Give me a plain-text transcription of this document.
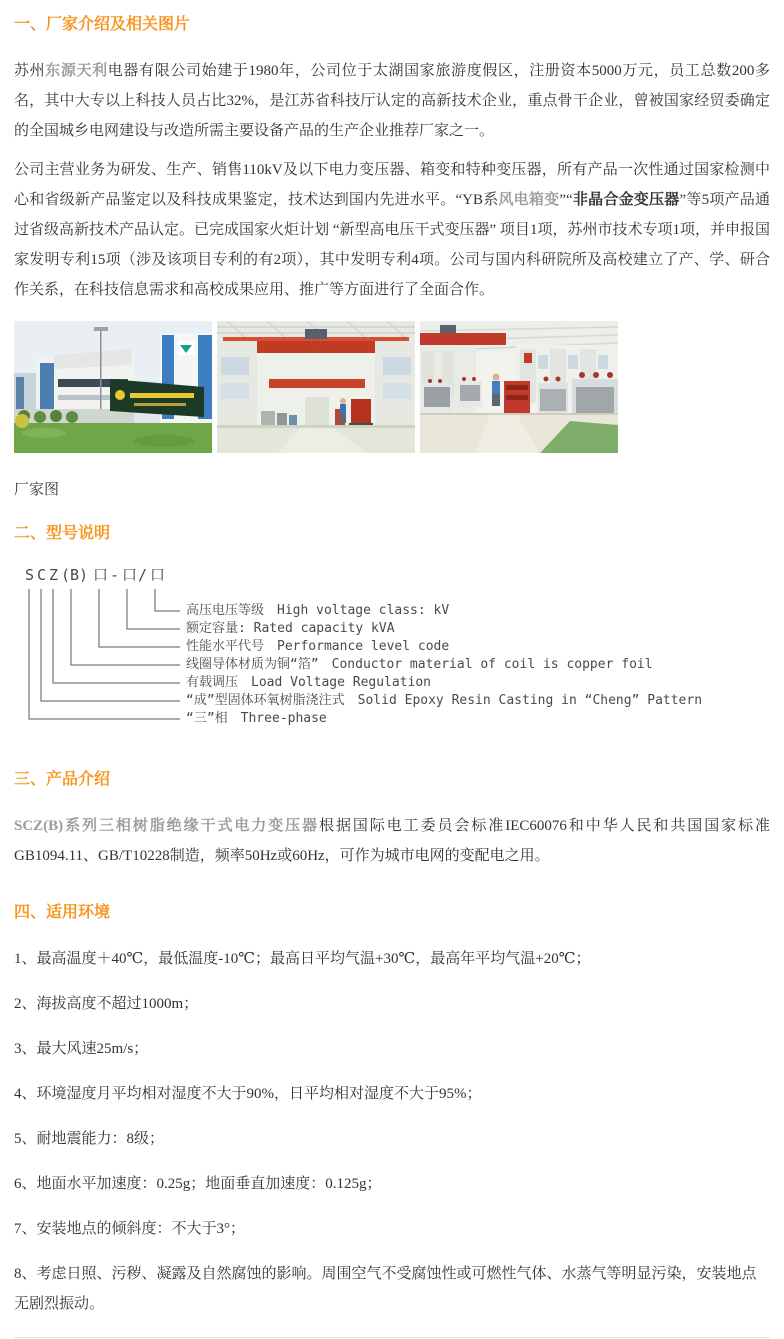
一、厂家介绍及相关图片

苏州东源天利电器有限公司始建于1980年，公司位于太湖国家旅游度假区，注册资本5000万元，员工总数200多名，其中大专以上科技人员占比32%，是江苏省科技厅认定的高新技术企业，重点骨干企业，曾被国家经贸委确定的全国城乡电网建设与改造所需主要设备产品的生产企业推荐厂家之一。

公司主营业务为研发、生产、销售110kV及以下电力变压器、箱变和特种变压器，所有产品一次性通过国家检测中心和省级新产品鉴定以及科技成果鉴定，技术达到国内先进水平。“YB系风电箱变”“非晶合金变压器”等5项产品通过省级高新技术产品认定。已完成国家火炬计划 “新型高电压干式变压器” 项目1项，苏州市技术专项1项，并申报国家发明专利15项（涉及该项目专利的有2项），其中发明专利4项。公司与国内科研院所及高校建立了产、学、研合作关系，在科技信息需求和高校成果应用、推广等方面进行了全面合作。

厂家图

二、型号说明
S C Z (B) 口 - 口 / 口
高压电压等级　High voltage class: kV
额定容量: Rated capacity kVA
性能水平代号　Performance level code
线圈导体材质为铜“箔”　Conductor material of coil is copper foil
有载调压　Load Voltage Regulation
“成”型固体环氧树脂浇注式　Solid Epoxy Resin Casting in “Cheng” Pattern
“三”相　Three-phase
三、产品介绍

SCZ(B)系列三相树脂绝缘干式电力变压器根据国际电工委员会标准IEC60076和中华人民和共国国家标准GB1094.11、GB/T10228制造，频率50Hz或60Hz，可作为城市电网的变配电之用。

四、适用环境

1、最高温度＋40℃，最低温度-10℃；最高日平均气温+30℃，最高年平均气温+20℃；

2、海拔高度不超过1000m；

3、最大风速25m/s；

4、环境湿度月平均相对湿度不大于90%，日平均相对湿度不大于95%；

5、耐地震能力：8级；

6、地面水平加速度：0.25g；地面垂直加速度：0.125g；

7、安装地点的倾斜度：不大于3°；

8、考虑日照、污秽、凝露及自然腐蚀的影响。周围空气不受腐蚀性或可燃性气体、水蒸气等明显污染，安装地点无剧烈振动。
